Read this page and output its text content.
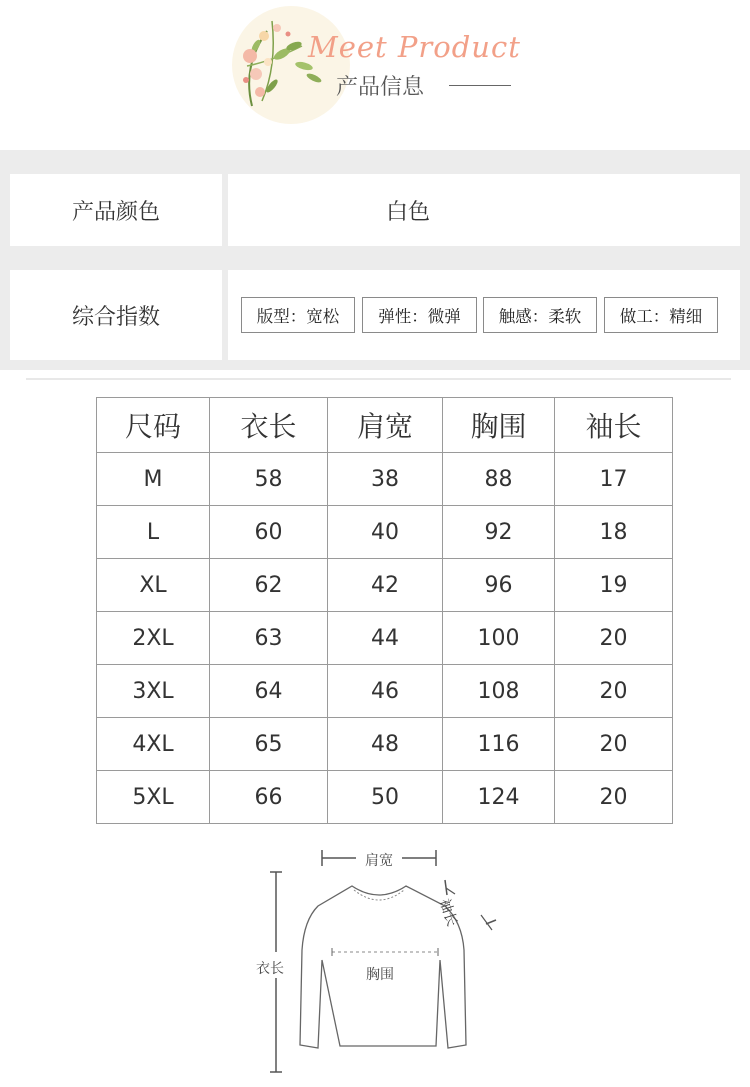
Meet Product
产品信息
产品颜色	白色
综合指数	版型：宽松	弹性：微弹	触感：柔软	做工：精细
尺码	衣长	肩宽	胸围	袖长
M	58	38	88	17
L	60	40	92	18
XL	62	42	96	19
2XL	63	44	100	20
3XL	64	46	108	20
4XL	65	48	116	20
5XL	66	50	124	20
肩宽
衣长	胸围
袖长
